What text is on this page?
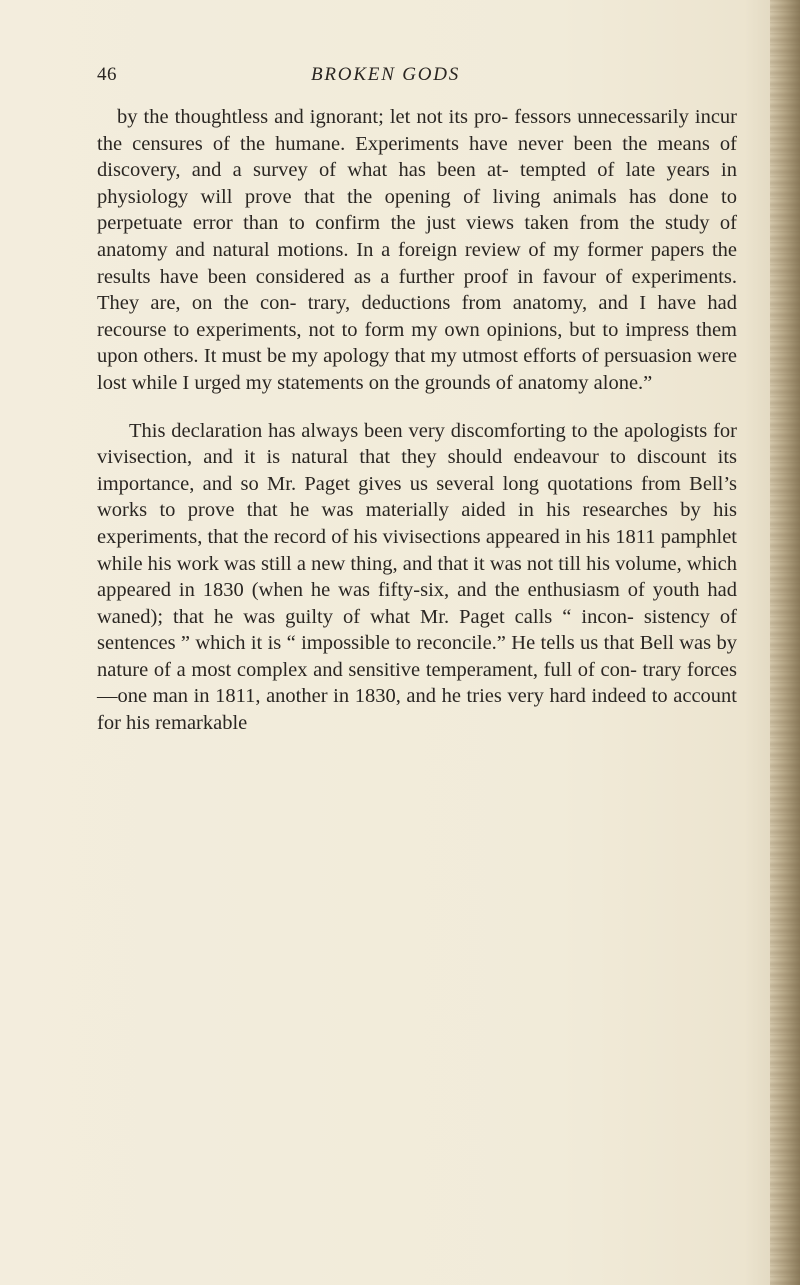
46	BROKEN GODS

by the thoughtless and ignorant; let not its pro- fessors unnecessarily incur the censures of the humane. Experiments have never been the means of discovery, and a survey of what has been at- tempted of late years in physiology will prove that the opening of living animals has done to perpetuate error than to confirm the just views taken from the study of anatomy and natural motions. In a foreign review of my former papers the results have been considered as a further proof in favour of experiments. They are, on the con- trary, deductions from anatomy, and I have had recourse to experiments, not to form my own opinions, but to impress them upon others. It must be my apology that my utmost efforts of persuasion were lost while I urged my statements on the grounds of anatomy alone.”

This declaration has always been very discomforting to the apologists for vivisection, and it is natural that they should endeavour to discount its importance, and so Mr. Paget gives us several long quotations from Bell’s works to prove that he was materially aided in his researches by his experiments, that the record of his vivisections appeared in his 1811 pamphlet while his work was still a new thing, and that it was not till his volume, which appeared in 1830 (when he was fifty-six, and the enthusiasm of youth had waned); that he was guilty of what Mr. Paget calls “ incon- sistency of sentences ” which it is “ impossible to reconcile.” He tells us that Bell was by nature of a most complex and sensitive temperament, full of con- trary forces—one man in 1811, another in 1830, and he tries very hard indeed to account for his remarkable
